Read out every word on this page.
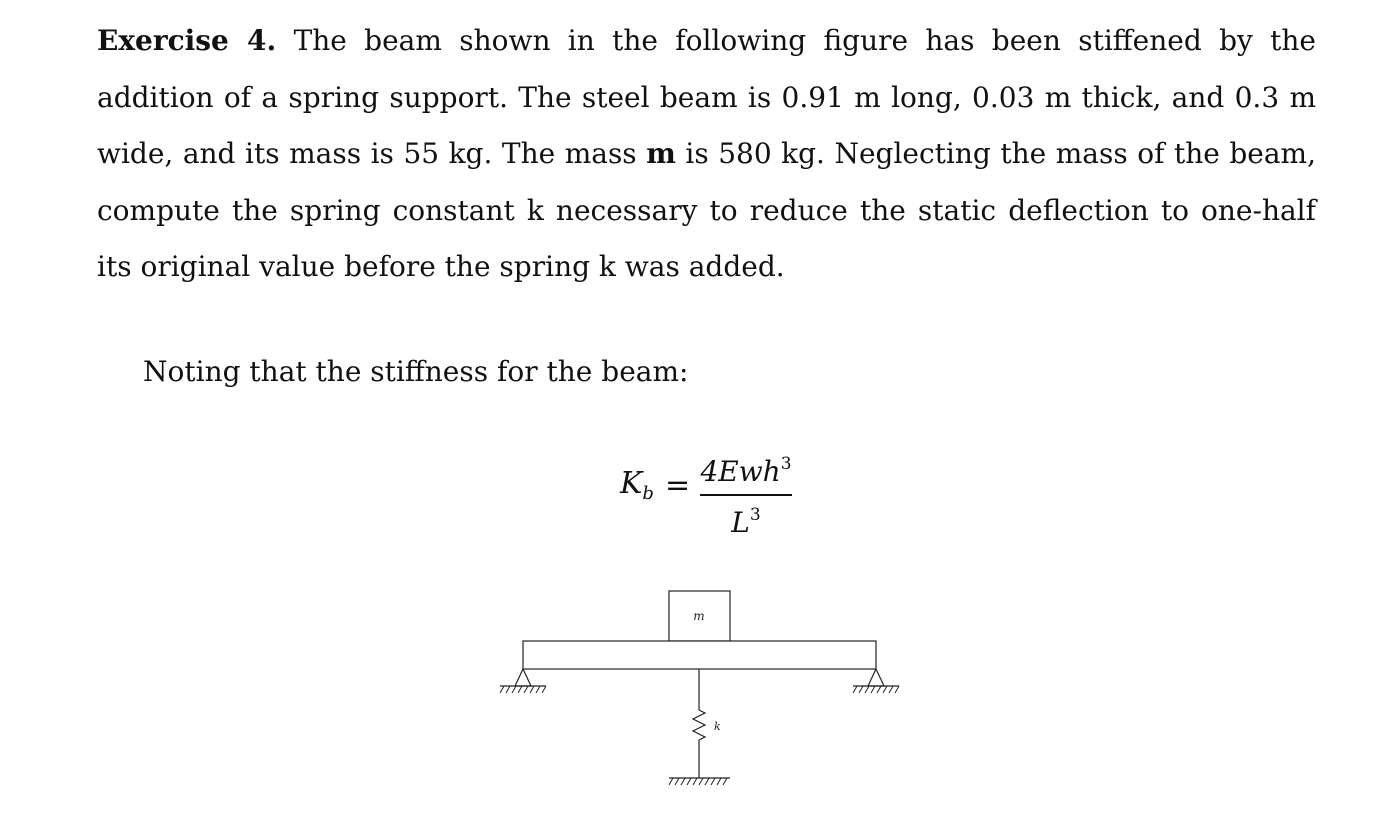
Exercise 4. The beam shown in the following figure has been stiffened by the addition of a spring support. The steel beam is 0.91 m long, 0.03 m thick, and 0.3 m wide, and its mass is 55 kg. The mass m is 580 kg. Neglecting the mass of the beam, compute the spring constant k necessary to reduce the static deflection to one-half its original value before the spring k was added.

Noting that the stiffness for the beam:

$K_b = 4Ewh^3$
$L^3$
m
k
